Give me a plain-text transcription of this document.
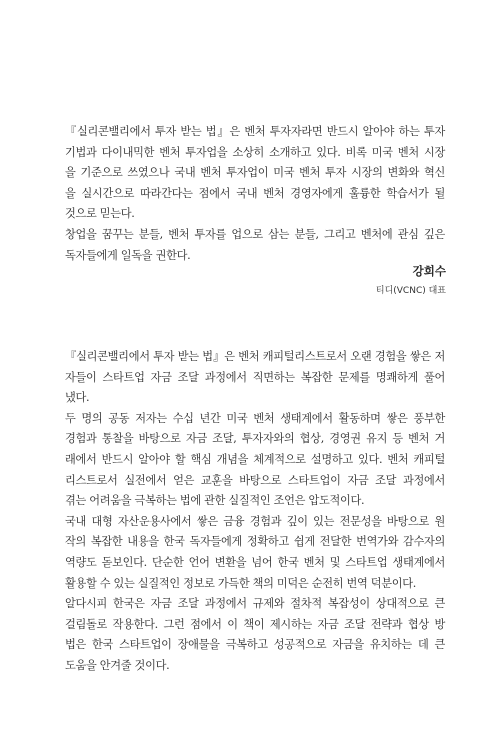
『실리콘밸리에서 투자 받는 법』은 벤처 투자자라면 반드시 알아야 하는 투자
기법과 다이내믹한 벤처 투자업을 소상히 소개하고 있다. 비록 미국 벤처 시장
을 기준으로 쓰였으나 국내 벤처 투자업이 미국 벤처 투자 시장의 변화와 혁신
을 실시간으로 따라간다는 점에서 국내 벤처 경영자에게 훌륭한 학습서가 될
것으로 믿는다.
창업을 꿈꾸는 분들, 벤처 투자를 업으로 삼는 분들, 그리고 벤처에 관심 깊은
독자들에게 일독을 권한다.
강희수
티디(VCNC) 대표
『실리콘밸리에서 투자 받는 법』은 벤처 캐피털리스트로서 오랜 경험을 쌓은 저
자들이 스타트업 자금 조달 과정에서 직면하는 복잡한 문제를 명쾌하게 풀어
냈다.
두 명의 공동 저자는 수십 년간 미국 벤처 생태계에서 활동하며 쌓은 풍부한
경험과 통찰을 바탕으로 자금 조달, 투자자와의 협상, 경영권 유지 등 벤처 거
래에서 반드시 알아야 할 핵심 개념을 체계적으로 설명하고 있다. 벤처 캐피털
리스트로서 실전에서 얻은 교훈을 바탕으로 스타트업이 자금 조달 과정에서
겪는 어려움을 극복하는 법에 관한 실질적인 조언은 압도적이다.
국내 대형 자산운용사에서 쌓은 금융 경험과 깊이 있는 전문성을 바탕으로 원
작의 복잡한 내용을 한국 독자들에게 정확하고 쉽게 전달한 번역가와 감수자의
역량도 돋보인다. 단순한 언어 변환을 넘어 한국 벤처 및 스타트업 생태계에서
활용할 수 있는 실질적인 정보로 가득한 책의 미덕은 순전히 번역 덕분이다.
알다시피 한국은 자금 조달 과정에서 규제와 절차적 복잡성이 상대적으로 큰
걸림돌로 작용한다. 그런 점에서 이 책이 제시하는 자금 조달 전략과 협상 방
법은 한국 스타트업이 장애물을 극복하고 성공적으로 자금을 유치하는 데 큰
도움을 안겨줄 것이다.
